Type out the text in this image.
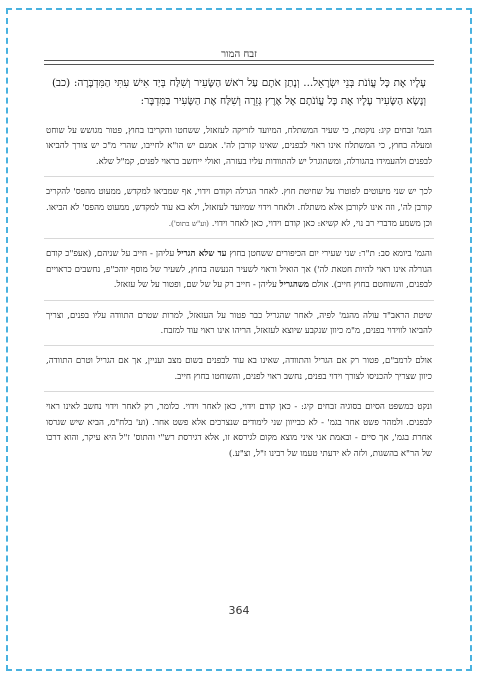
זבח המור
עָלָיו אֶת כָּל עֲוֹנֹת בְּנֵי יִשְׂרָאֵל... וְנָתַן אֹתָם עַל רֹאשׁ הַשָּׂעִיר וְשִׁלַּח בְּיַד אִישׁ עִתִּי הַמִּדְבָּרָה: (כב) וְנָשָׂא הַשָּׂעִיר עָלָיו אֶת כָּל עֲוֹנֹתָם אֶל אֶרֶץ גְּזֵרָה וְשִׁלַּח אֶת הַשָּׂעִיר בַּמִּדְבָּר:

הגמ' זבחים קיג: נוקטת, כי שעיר המשתלח, המיועד לזריקה לעזאזל, ששחטו והקריבו בחוץ, פטור מגושש על שוחט ומעלה בחוץ, כי המשתלח אינו ראוי לבפנים, שאינו קורבן לה'. אמנם יש הו"א לחייבו, שהרי מ"כ יש צורך להביאו לבפנים ולהעמידו בהגורלה, ומשהוגרל יש להתוודות עליו בעזרה, ואולי ייחשב כראוי לפנים, קמ"ל שלא.

לכך יש שני מיעוטים לפוטרו על שחיטת חוץ. לאחר הגרלה וקודם וידוי, אף שמביאו למקדש, ממעוט מהפס' להקריב קורבן לה', וזה אינו לקורבן אלא משתלח. ולאחר וידוי שמיועד לעזאזל, ולא בא עוד למקדש, ממעוט מהפס' לא הביאו. וכן משמע מדברי רב נוי, לא קשיא: כאן קודם וידוי, כאן לאחר וידוי. (וע"ש בתוס').

והגמ' ביומא סב: ת"ר: שני שעירי יום הכיפורים ששחטן בחוץ עד שלא הגריל עליהן - חייב על שניהם, (אעפ"כ קודם הגורלה אינו ראוי להיות חטאת לה') אך הואיל וראוי לשעיר הנעשה בחוץ, לשעיר של מוסף יוהכ"פ, נחשבים כראויים לבפנים, והשוחטם בחוץ חייב). אולם משהגריל עליהן - חייב רק על של שם, ופטור על של עזאזל.

שיטת הראב"ד עולה מהגמ' לפיה, לאחר שהגריל כבר פטור על העזאזל, למרות שטרם התוודה עליו בפנים, וצריך להביאו לווידוי בפנים, מ"מ כיוון שנקבע שיוצא לעזאזל, הריהו אינו ראוי עוד למזבח.

אולם לרמב"ם, פטור רק אם הגריל והתוודה, שאינו בא עוד לבפנים בשום מצב ועניין, אך אם הגריל וטרם התוודה, כיוון שצריך להכניסו לצורך וידוי בפנים, נחשב ראוי לפנים, והשוחטו בחוץ חייב.

ונקט כמשפט הסיום בסוגיה זבחים קיג: - כאן קודם וידוי, כאן לאחר וידוי. כלומר, רק לאחר וידוי נחשב לאינו ראוי לבפנים. ולמהר פשט אחר בגמ' - לא כבייוון שני לימודים שנצרכים אלא פשט אחר. (וע' בלח"מ, הביא שיש שגרסו אחרת בגמ', אך סיים - ובאמת אני איני מוצא מקום לגירסא זו, אלא דגירסת רש"י והתוס' ז"ל היא עיקר, והוא דרכו של הר"א בהשגות, ולזה לא ידעתי טעמו של רבינו ז"ל, וצ"ע.)

364
